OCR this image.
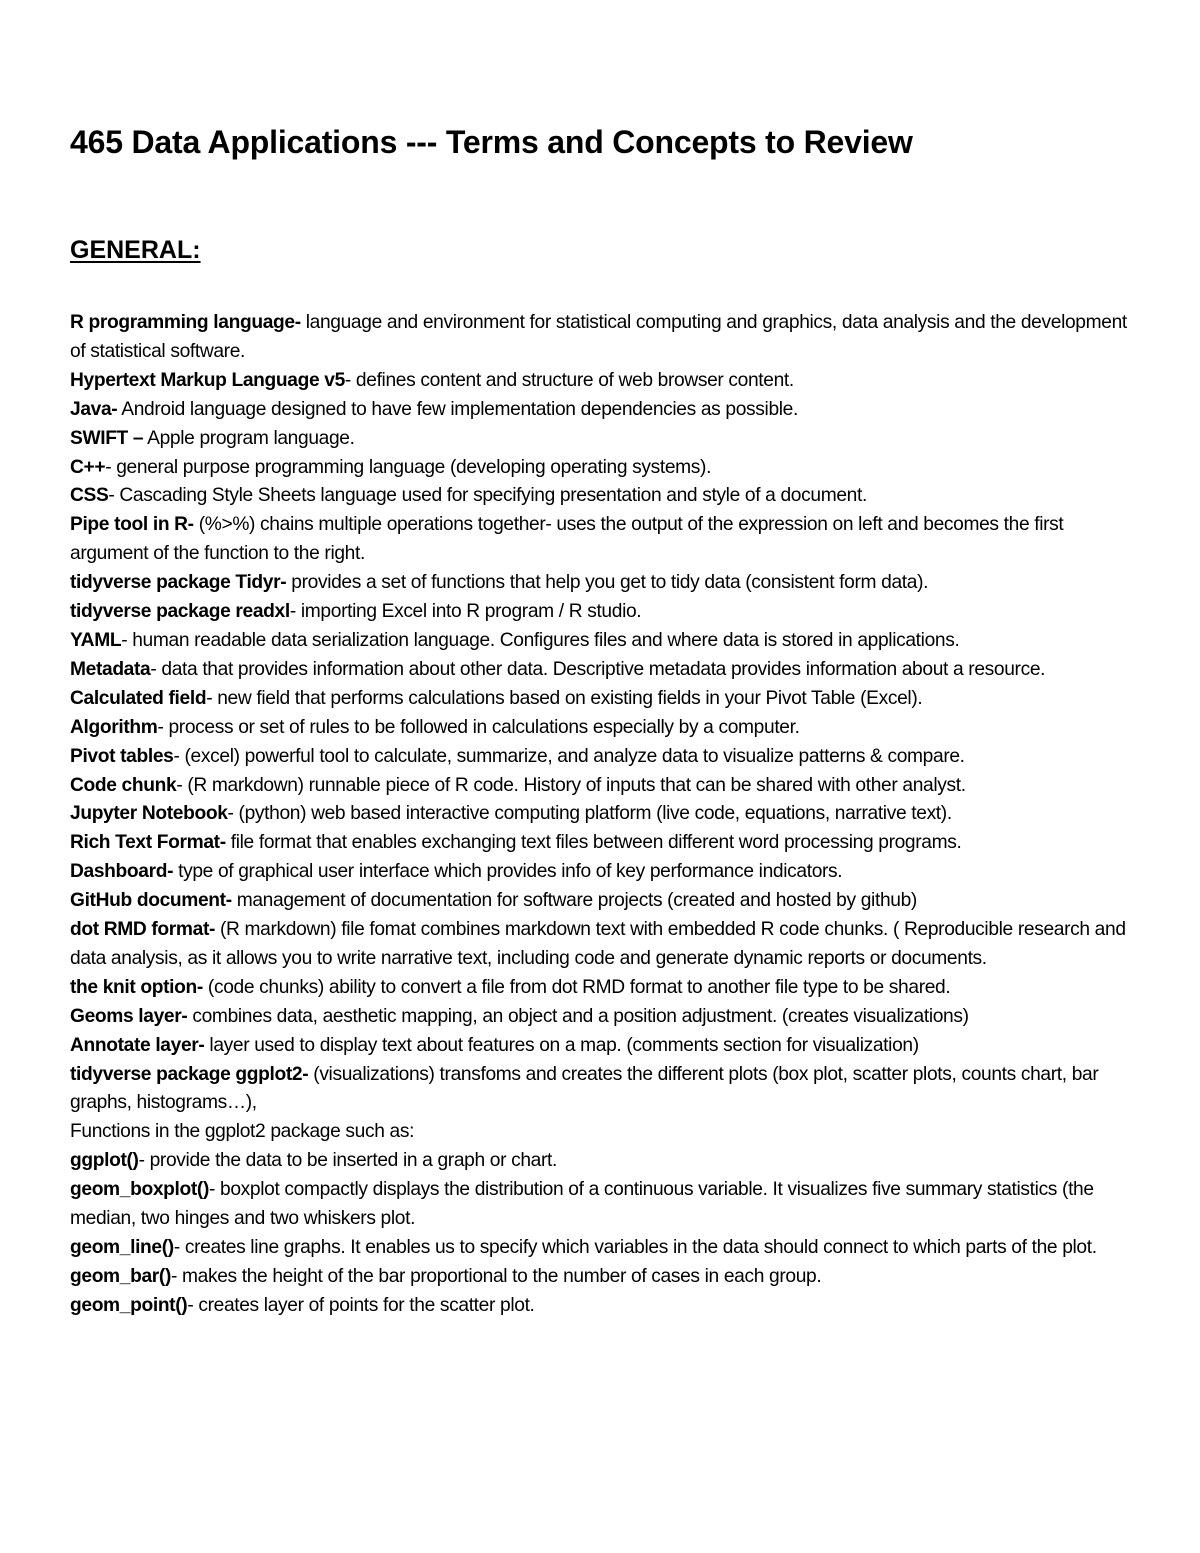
465 Data Applications --- Terms and Concepts to Review
GENERAL:

R programming language- language and environment for statistical computing and graphics, data analysis and the development of statistical software.

Hypertext Markup Language v5- defines content and structure of web browser content.

Java- Android language designed to have few implementation dependencies as possible.

SWIFT – Apple program language.

C++- general purpose programming language (developing operating systems).

CSS- Cascading Style Sheets language used for specifying presentation and style of a document.

Pipe tool in R- (%>%) chains multiple operations together- uses the output of the expression on left and becomes the first argument of the function to the right.

tidyverse package Tidyr- provides a set of functions that help you get to tidy data (consistent form data).

tidyverse package readxl- importing Excel into R program / R studio.

YAML- human readable data serialization language. Configures files and where data is stored in applications.

Metadata- data that provides information about other data. Descriptive metadata provides information about a resource.

Calculated field- new field that performs calculations based on existing fields in your Pivot Table (Excel).

Algorithm- process or set of rules to be followed in calculations especially by a computer.

Pivot tables- (excel) powerful tool to calculate, summarize, and analyze data to visualize patterns & compare.

Code chunk- (R markdown) runnable piece of R code. History of inputs that can be shared with other analyst.

Jupyter Notebook- (python) web based interactive computing platform (live code, equations, narrative text).

Rich Text Format- file format that enables exchanging text files between different word processing programs.

Dashboard- type of graphical user interface which provides info of key performance indicators.

GitHub document- management of documentation for software projects (created and hosted by github)

dot RMD format- (R markdown) file fomat combines markdown text with embedded R code chunks. ( Reproducible research and data analysis, as it allows you to write narrative text, including code and generate dynamic reports or documents.

the knit option- (code chunks) ability to convert a file from dot RMD format to another file type to be shared.

Geoms layer- combines data, aesthetic mapping, an object and a position adjustment. (creates visualizations)

Annotate layer- layer used to display text about features on a map. (comments section for visualization)

tidyverse package ggplot2- (visualizations) transfoms and creates the different plots (box plot, scatter plots, counts chart, bar graphs, histograms…),

Functions in the ggplot2 package such as:

ggplot()- provide the data to be inserted in a graph or chart.

geom_boxplot()- boxplot compactly displays the distribution of a continuous variable. It visualizes five summary statistics (the median, two hinges and two whiskers plot.

geom_line()- creates line graphs. It enables us to specify which variables in the data should connect to which parts of the plot.

geom_bar()- makes the height of the bar proportional to the number of cases in each group.

geom_point()- creates layer of points for the scatter plot.
